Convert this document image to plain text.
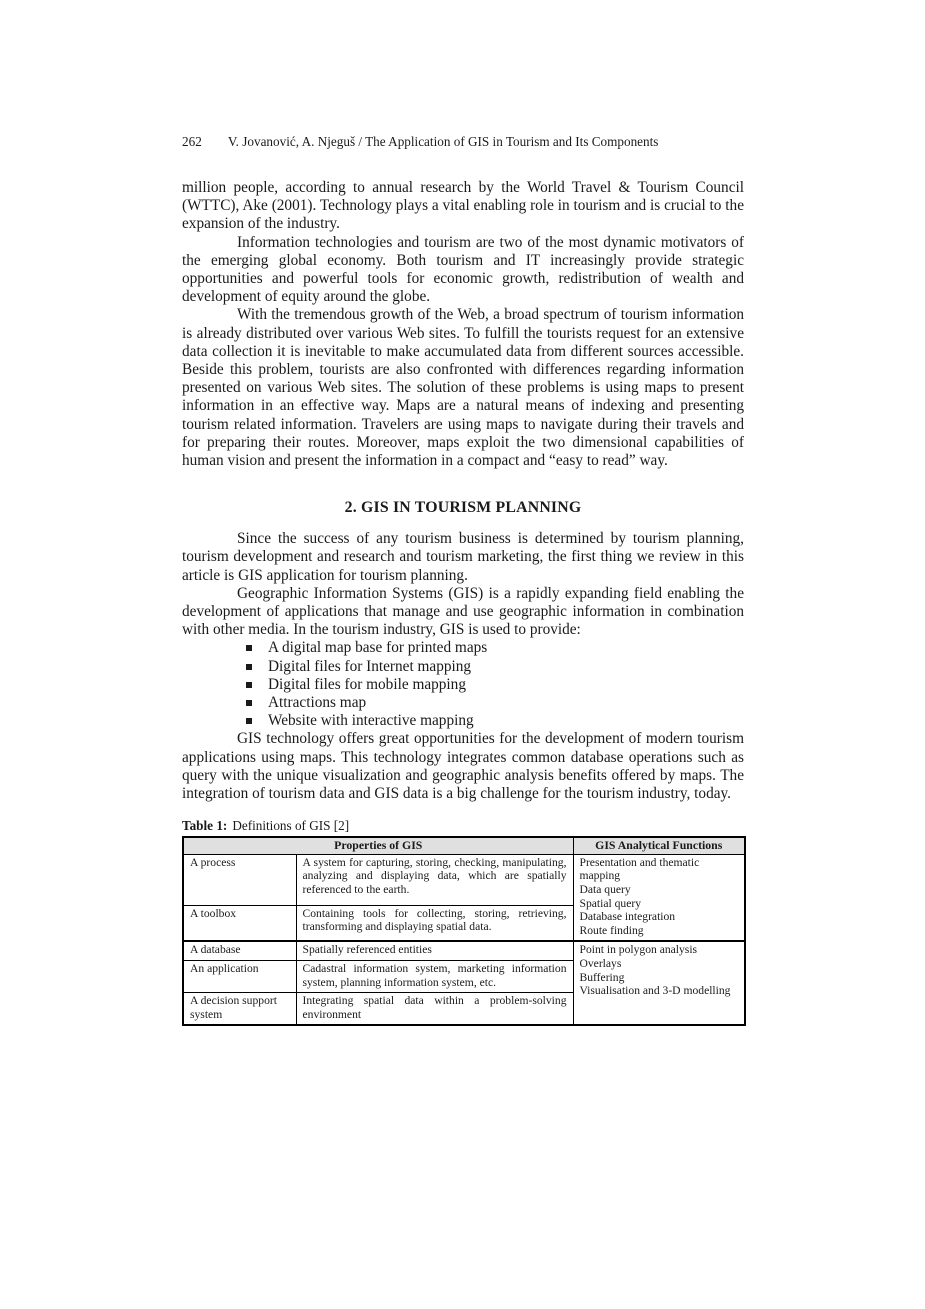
262 V. Jovanović, A. Njeguš / The Application of GIS in Tourism and Its Components

million people, according to annual research by the World Travel & Tourism Council (WTTC), Ake (2001). Technology plays a vital enabling role in tourism and is crucial to the expansion of the industry.

Information technologies and tourism are two of the most dynamic motivators of the emerging global economy. Both tourism and IT increasingly provide strategic opportunities and powerful tools for economic growth, redistribution of wealth and development of equity around the globe.

With the tremendous growth of the Web, a broad spectrum of tourism information is already distributed over various Web sites. To fulfill the tourists request for an extensive data collection it is inevitable to make accumulated data from different sources accessible. Beside this problem, tourists are also confronted with differences regarding information presented on various Web sites. The solution of these problems is using maps to present information in an effective way. Maps are a natural means of indexing and presenting tourism related information. Travelers are using maps to navigate during their travels and for preparing their routes. Moreover, maps exploit the two dimensional capabilities of human vision and present the information in a compact and “easy to read” way.

2. GIS IN TOURISM PLANNING

Since the success of any tourism business is determined by tourism planning, tourism development and research and tourism marketing, the first thing we review in this article is GIS application for tourism planning.

Geographic Information Systems (GIS) is a rapidly expanding field enabling the development of applications that manage and use geographic information in combination with other media. In the tourism industry, GIS is used to provide:

A digital map base for printed maps
Digital files for Internet mapping
Digital files for mobile mapping
Attractions map
Website with interactive mapping

GIS technology offers great opportunities for the development of modern tourism applications using maps. This technology integrates common database operations such as query with the unique visualization and geographic analysis benefits offered by maps. The integration of tourism data and GIS data is a big challenge for the tourism industry, today.

Table 1: Definitions of GIS [2]
Properties of GIS		GIS Analytical Functions
A process	A system for capturing, storing, checking, manipulating, analyzing and displaying data, which are spatially referenced to the earth.	Presentation and thematic mapping
Data query
Spatial query
Database integration
Route finding

A toolbox	Containing tools for collecting, storing, retrieving, transforming and displaying spatial data.	
A database	Spatially referenced entities	Point in polygon analysis
Overlays
Buffering
Visualisation and 3-D modelling

An application	Cadastral information system, marketing information system, planning information system, etc.	
A decision support system	Integrating spatial data within a problem-solving environment	
